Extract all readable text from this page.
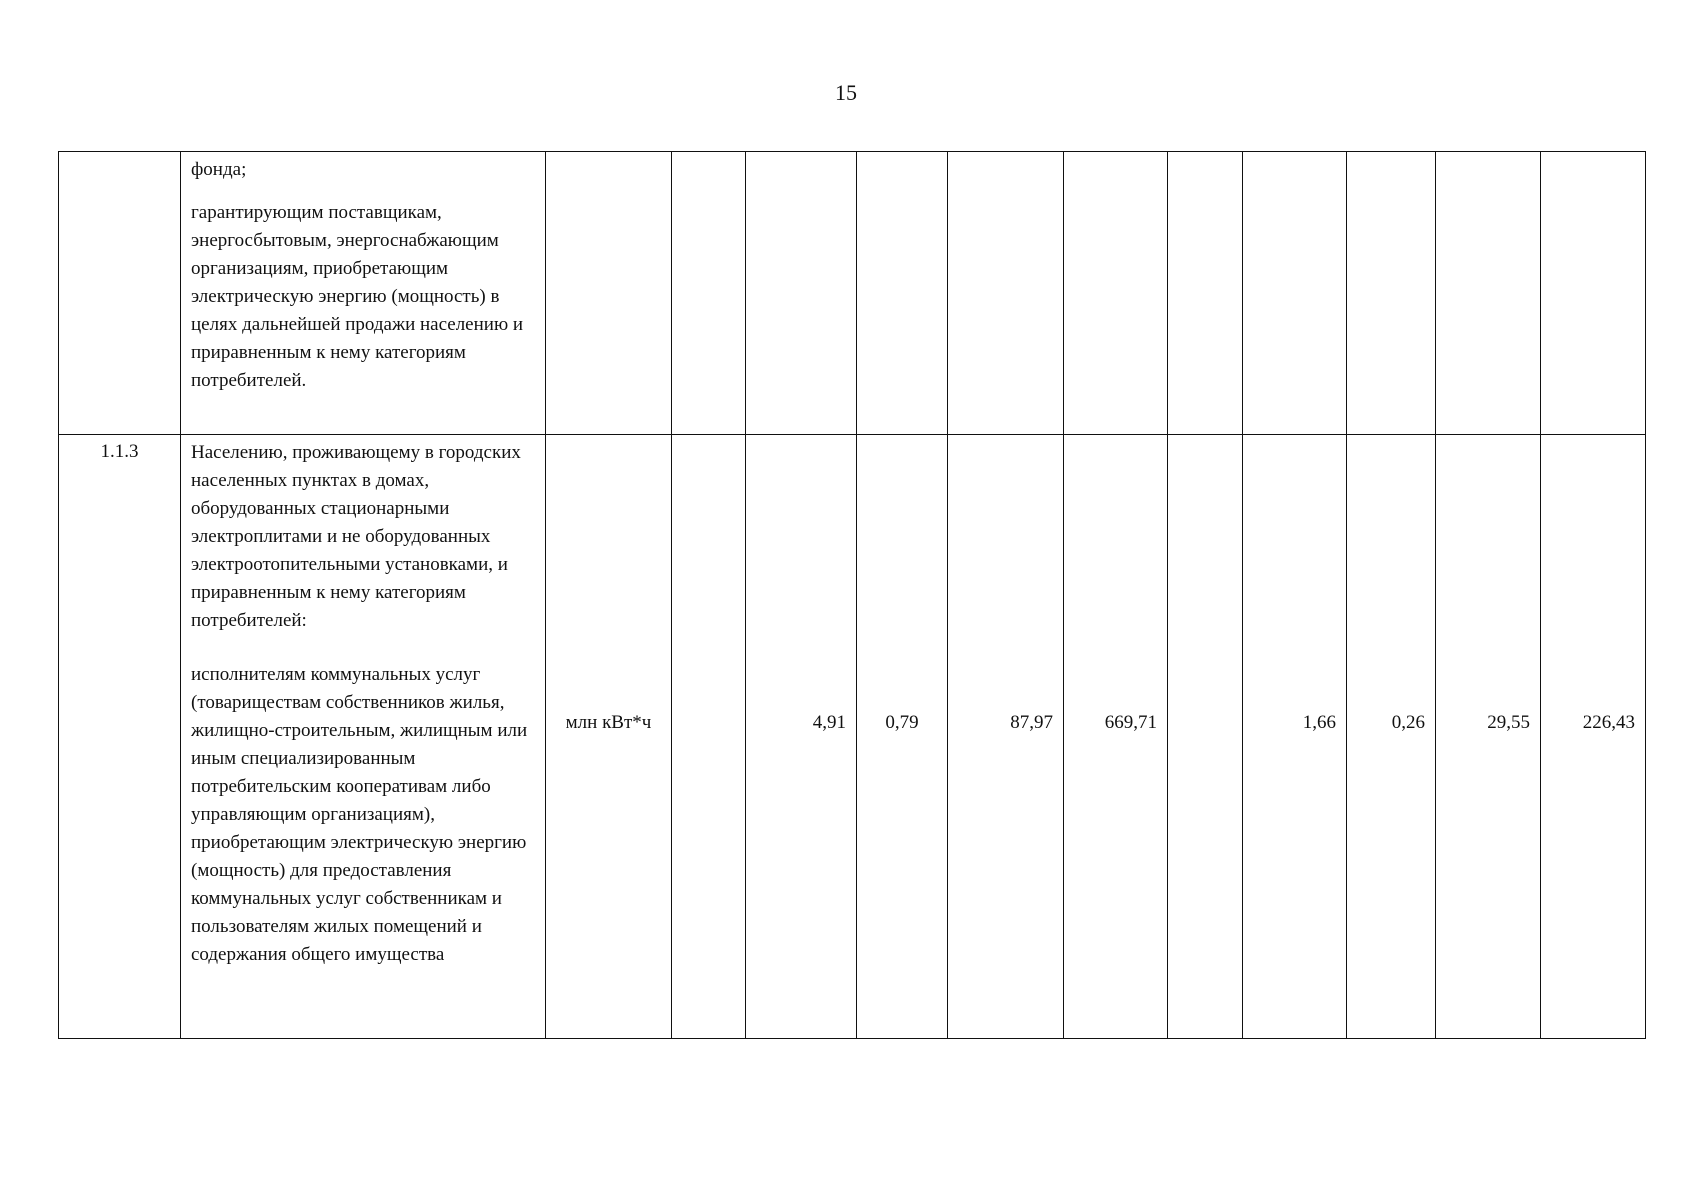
15

	фонда;

гарантирующим поставщикам, энергосбытовым, энергоснабжающим организациям, приобретающим электрическую энергию (мощность) в целях дальнейшей продажи населению и приравненным к нему категориям потребителей.											

1.1.3	Населению, проживающему в городских населенных пунктах в домах, оборудованных стационарными электроплитами и не оборудованных электроотопительными установками, и приравненным к нему категориям потребителей:

исполнителям коммунальных услуг (товариществам собственников жилья, жилищно-строительным, жилищным или иным специализированным потребительским кооперативам либо управляющим организациям), приобретающим электрическую энергию (мощность) для предоставления коммунальных услуг собственникам и пользователям жилых помещений и содержания общего имущества	млн кВт*ч		4,91	0,79	87,97	669,71		1,66	0,26	29,55	226,43
